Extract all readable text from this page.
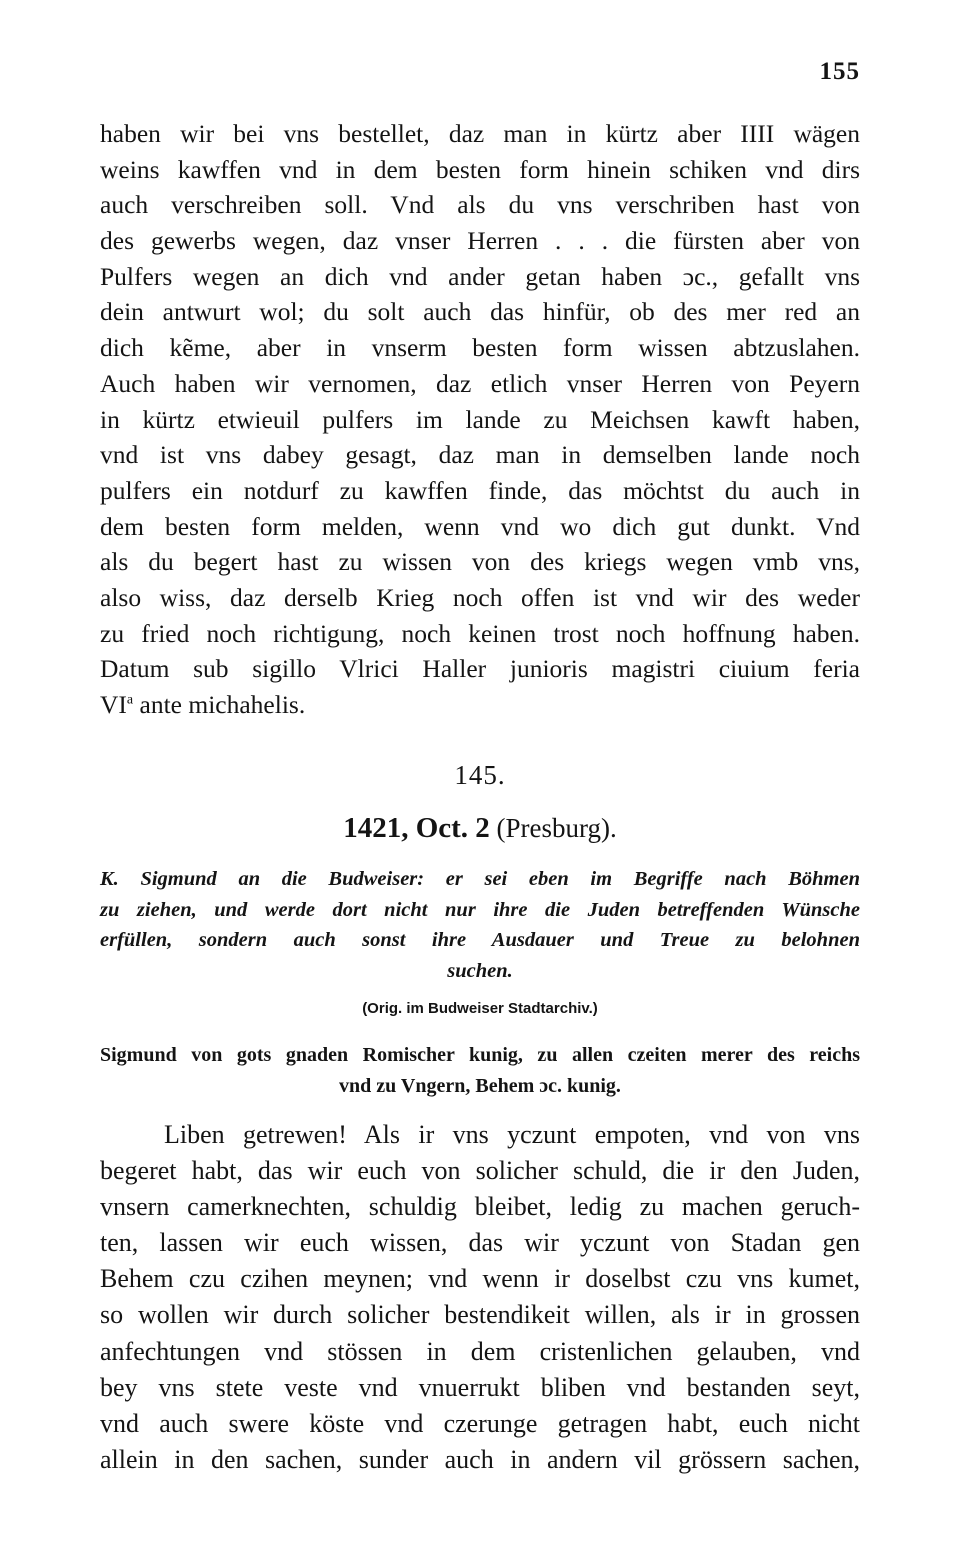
155
haben wir bei vns bestellet, daz man in kürtz aber IIII wägen
weins kawffen vnd in dem besten form hinein schiken vnd dirs
auch verschreiben soll. Vnd als du vns verschriben hast von
des gewerbs wegen, daz vnser Herren . . . die fürsten aber von
Pulfers wegen an dich vnd ander getan haben ɔc., gefallt vns
dein antwurt wol; du solt auch das hinfür, ob des mer red an
dich kẽme, aber in vnserm besten form wissen abtzuslahen.
Auch haben wir vernomen, daz etlich vnser Herren von Peyern
in kürtz etwieuil pulfers im lande zu Meichsen kawft haben,
vnd ist vns dabey gesagt, daz man in demselben lande noch
pulfers ein notdurf zu kawffen finde, das möchtst du auch in
dem besten form melden, wenn vnd wo dich gut dunkt. Vnd
als du begert hast zu wissen von des kriegs wegen vmb vns,
also wiss, daz derselb Krieg noch offen ist vnd wir des weder
zu fried noch richtigung, noch keinen trost noch hoffnung haben.
Datum sub sigillo Vlrici Haller junioris magistri ciuium feria
$VI^a$ ante michahelis.
145.
1421, Oct. 2 (Presburg).
K. Sigmund an die Budweiser: er sei eben im Begriffe nach Böhmen
zu ziehen, und werde dort nicht nur ihre die Juden betreffenden Wünsche
erfüllen, sondern auch sonst ihre Ausdauer und Treue zu belohnen
suchen.
(Orig. im Budweiser Stadtarchiv.)
Sigmund von gots gnaden Romischer kunig, zu allen czeiten merer des reichs
vnd zu Vngern, Behem ɔc. kunig.
Liben getrewen! Als ir vns yczunt empoten, vnd von vns
begeret habt, das wir euch von solicher schuld, die ir den Juden,
vnsern camerknechten, schuldig bleibet, ledig zu machen geruch-
ten, lassen wir euch wissen, das wir yczunt von Stadan gen
Behem czu czihen meynen; vnd wenn ir doselbst czu vns kumet,
so wollen wir durch solicher bestendikeit willen, als ir in grossen
anfechtungen vnd stössen in dem cristenlichen gelauben, vnd
bey vns stete veste vnd vnuerrukt bliben vnd bestanden seyt,
vnd auch swere köste vnd czerunge getragen habt, euch nicht
allein in den sachen, sunder auch in andern vil grössern sachen,
